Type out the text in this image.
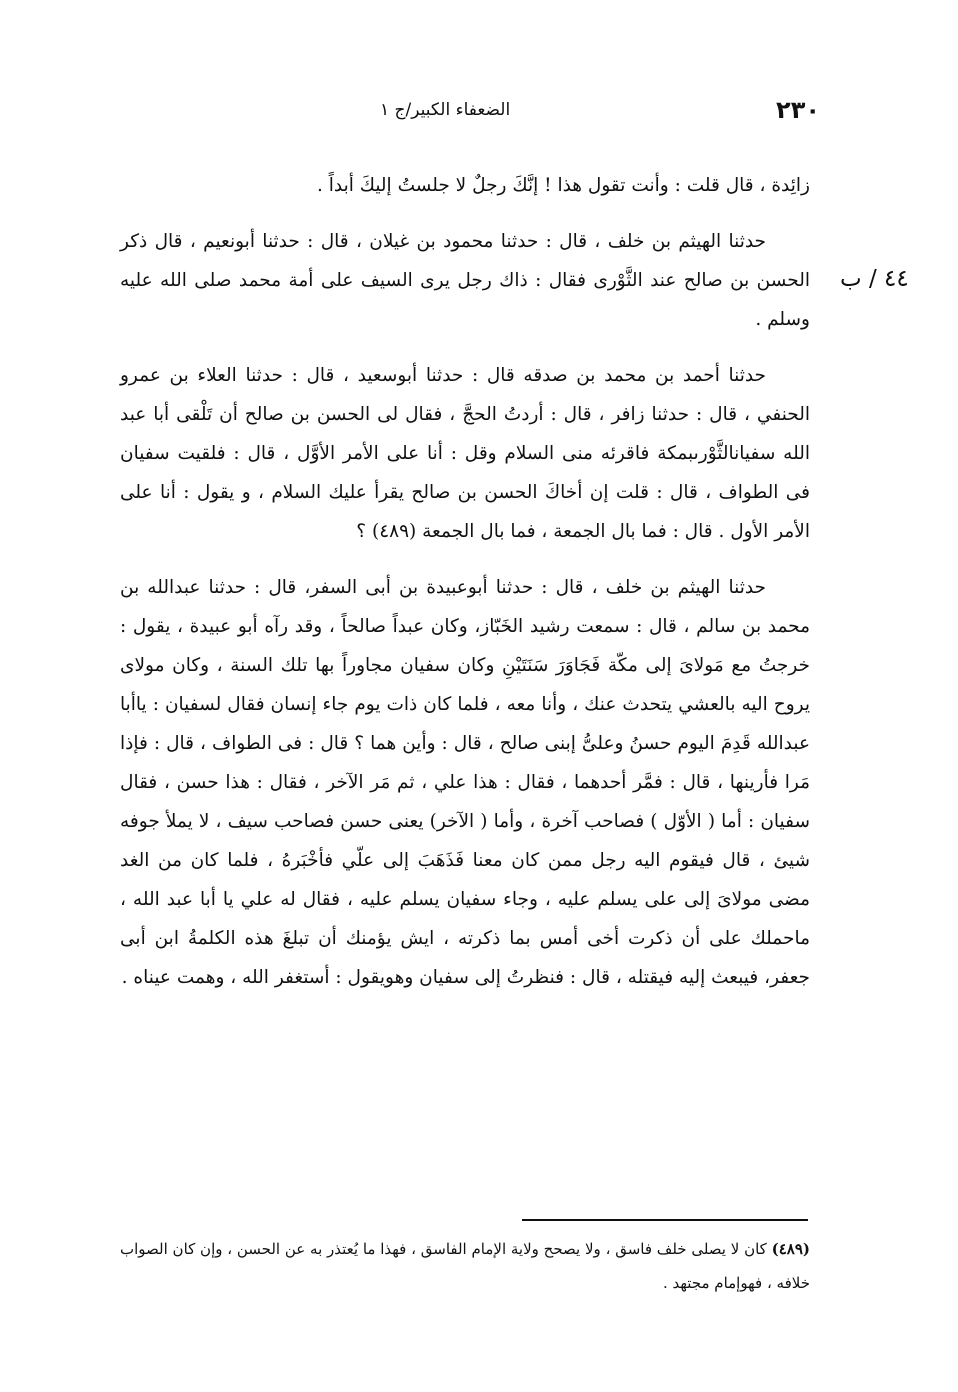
٢٣٠
الضعفاء الكبير/ج ١
٤٤ / ب

زائِدة ، قال قلت : وأنت تقول هذا ! إنَّكَ رجلٌ لا جلستُ إليكَ أبداً .

حدثنا الهيثم بن خلف ، قال : حدثنا محمود بن غيلان ، قال : حدثنا أبونعيم ، قال ذكر الحسن بن صالح عند الثَّوْرى فقال : ذاك رجل يرى السيف على أمة محمد صلى الله عليه وسلم .

حدثنا أحمد بن محمد بن صدقه قال : حدثنا أبوسعيد ، قال : حدثنا العلاء بن عمرو الحنفي ، قال : حدثنا زافر ، قال : أردتُ الحجَّ ، فقال لى الحسن بن صالح أن تَلْقى أبا عبد الله سفيانالثَّوْرىبمكة فاقرئه منى السلام وقل : أنا على الأمر الأوَّل ، قال : فلقيت سفيان فى الطواف ، قال : قلت إن أخاكَ الحسن بن صالح يقرأ عليك السلام ، و يقول : أنا على الأمر الأول . قال : فما بال الجمعة ، فما بال الجمعة (٤٨٩) ؟

حدثنا الهيثم بن خلف ، قال : حدثنا أبوعبيدة بن أبى السفر، قال : حدثنا عبدالله بن محمد بن سالم ، قال : سمعت رشيد الخَبّاز، وكان عبداً صالحاً ، وقد رآه أبو عبيدة ، يقول : خرجتُ مع مَولاىَ إلى مكّة فَجَاوَرَ سَنَتَيْنِ وكان سفيان مجاوراً بها تلك السنة ، وكان مولاى يروح اليه بالعشي يتحدث عنك ، وأنا معه ، فلما كان ذات يوم جاء إنسان فقال لسفيان : ياأبا عبدالله قَدِمَ اليوم حسنُ وعلىُّ إبنى صالح ، قال : وأين هما ؟ قال : فى الطواف ، قال : فإذا مَرا فأرينها ، قال : فمَّر أحدهما ، فقال : هذا علي ، ثم مَر الآخر ، فقال : هذا حسن ، فقال سفيان : أما ( الأوّل ) فصاحب آخرة ، وأما ( الآخر) يعنى حسن فصاحب سيف ، لا يملأ جوفه شيئ ، قال فيقوم اليه رجل ممن كان معنا فَذَهَبَ إلى علّي فأخْبَرهُ ، فلما كان من الغد مضى مولاىَ إلى على يسلم عليه ، وجاء سفيان يسلم عليه ، فقال له علي يا أبا عبد الله ، ماحملك على أن ذكرت أخى أمس بما ذكرته ، ايش يؤمنك أن تبلغَ هذه الكلمةُ ابن أبى جعفر، فيبعث إليه فيقتله ، قال : فنظرتُ إلى سفيان وهويقول : أستغفر الله ، وهمت عيناه .

(٤٨٩) كان لا يصلى خلف فاسق ، ولا يصحح ولاية الإمام الفاسق ، فهذا ما يُعتذر به عن الحسن ، وإن كان الصواب خلافه ، فهوإمام مجتهد .
